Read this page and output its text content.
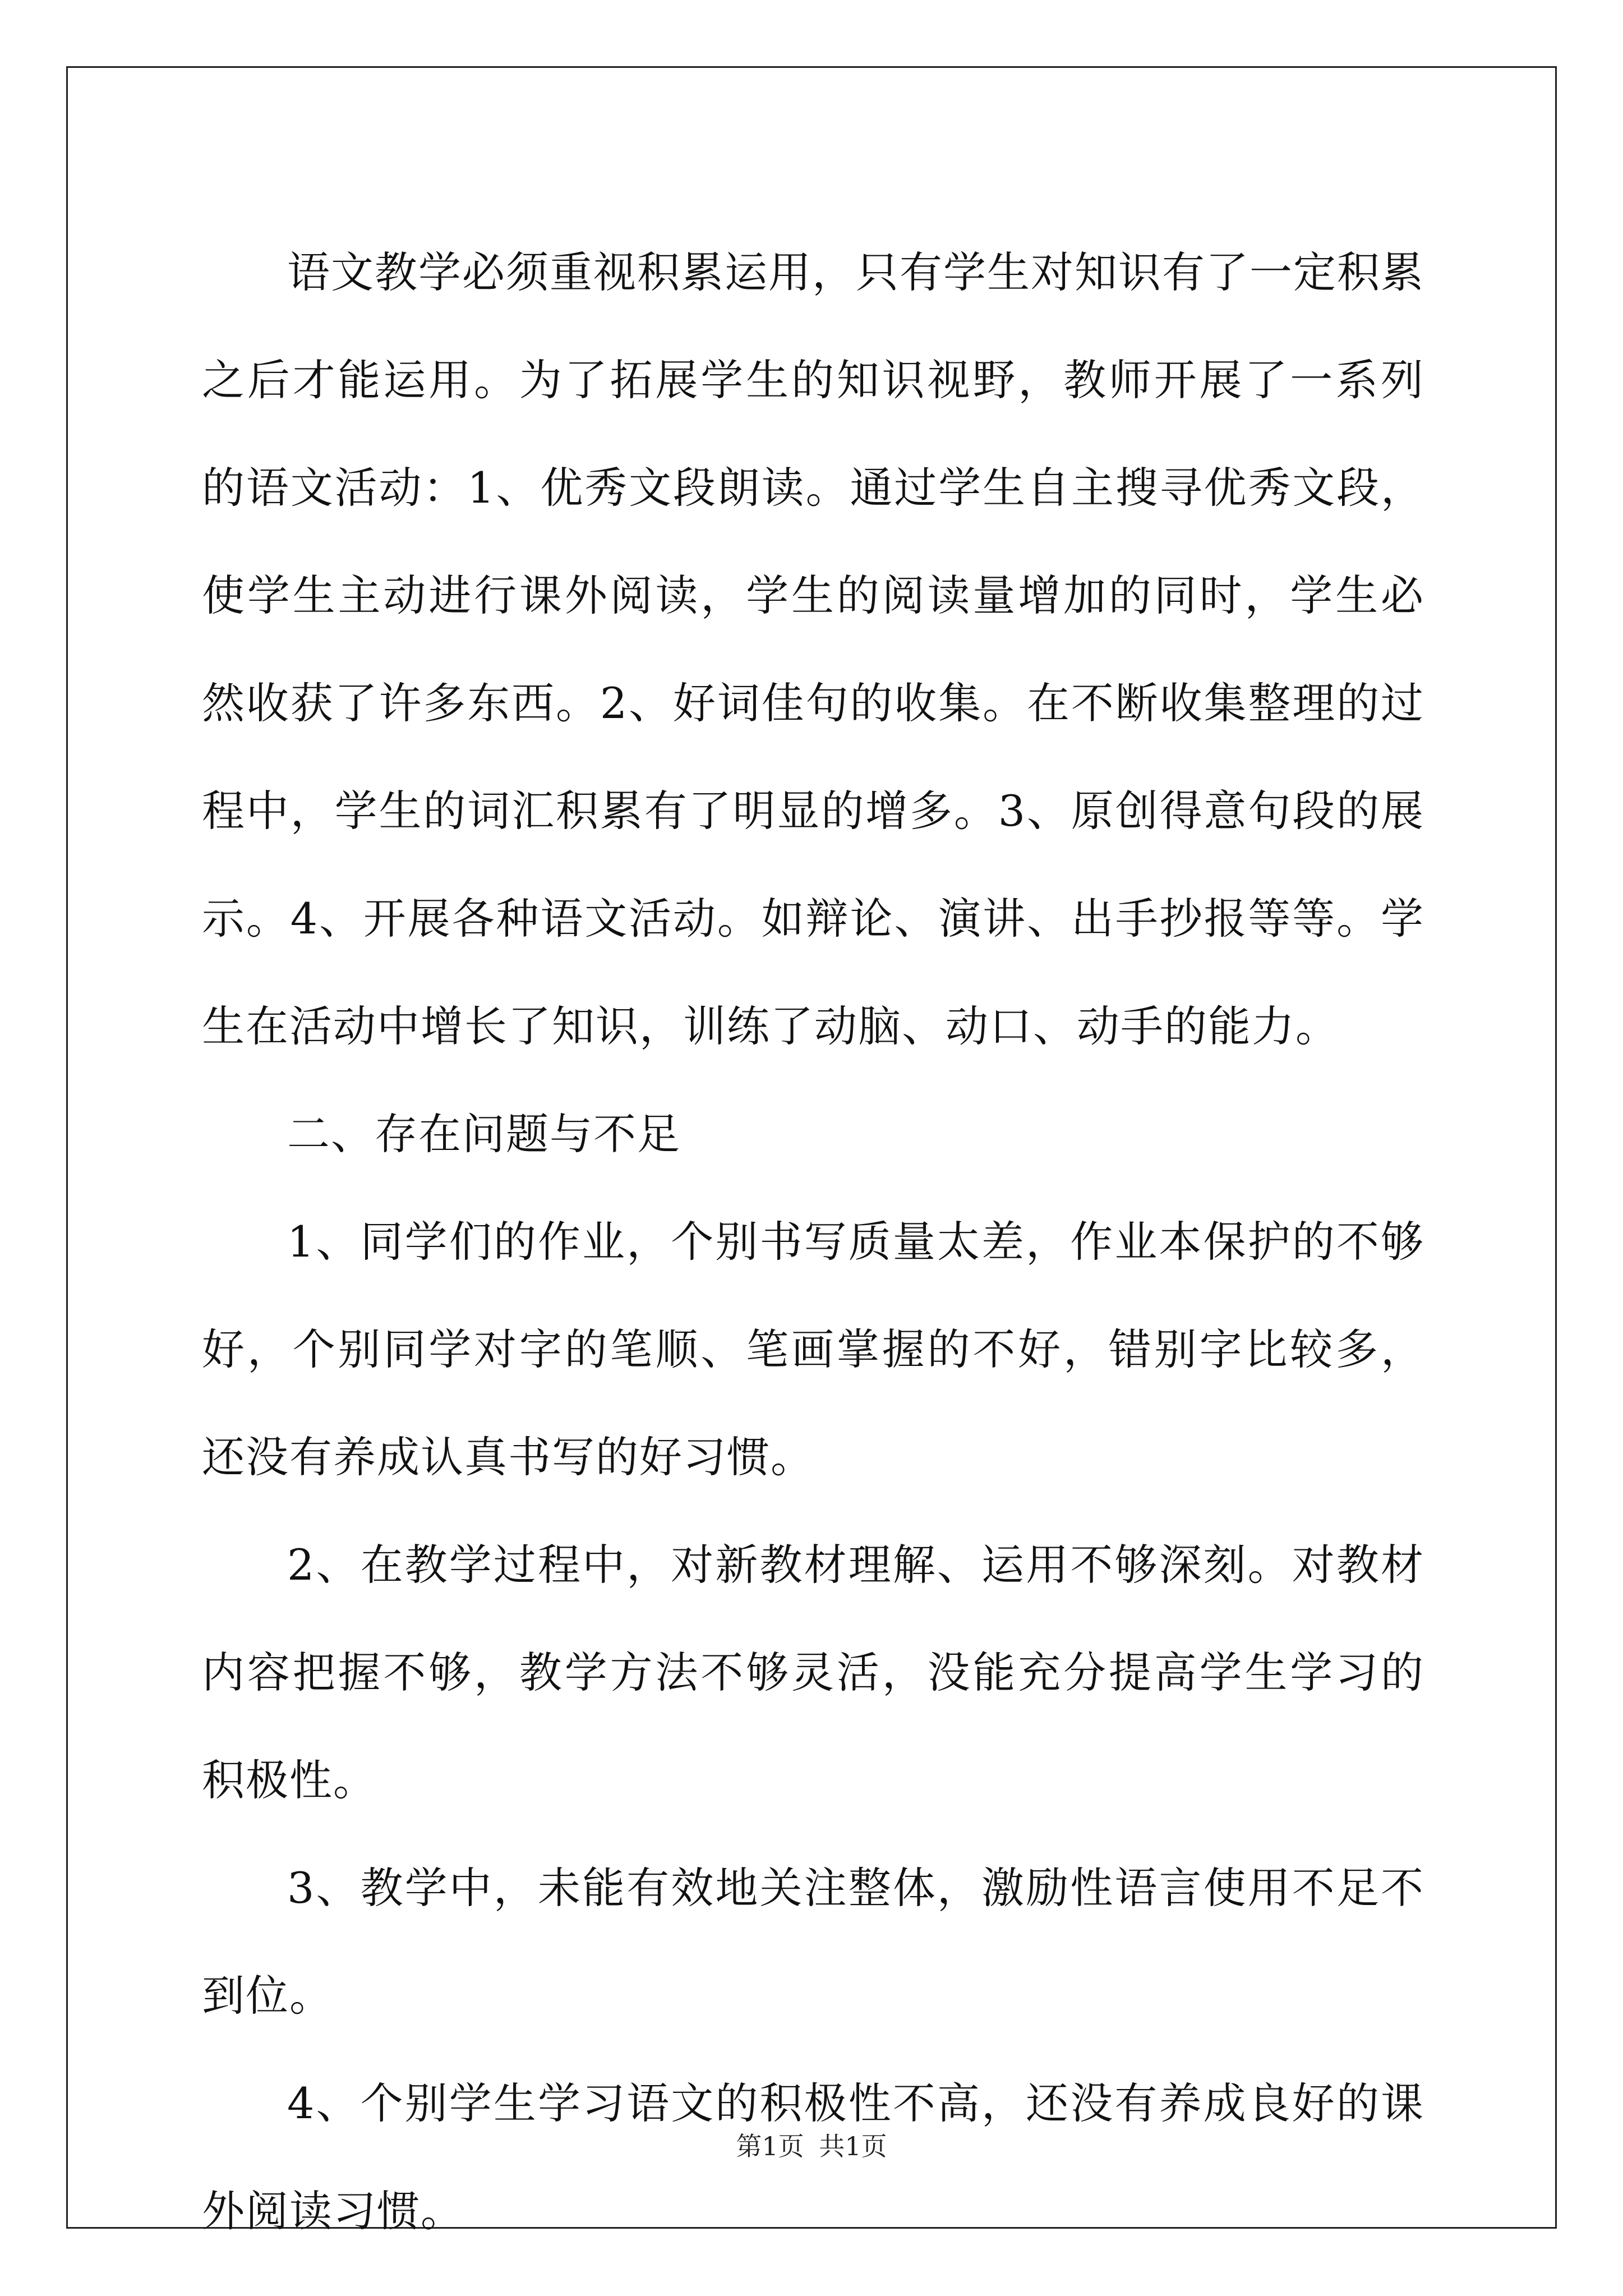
语文教学必须重视积累运用，只有学生对知识有了一定积累之后才能运用。为了拓展学生的知识视野，教师开展了一系列的语文活动：1、优秀文段朗读。通过学生自主搜寻优秀文段，使学生主动进行课外阅读，学生的阅读量增加的同时，学生必然收获了许多东西。2、好词佳句的收集。在不断收集整理的过程中，学生的词汇积累有了明显的增多。3、原创得意句段的展示。4、开展各种语文活动。如辩论、演讲、出手抄报等等。学生在活动中增长了知识，训练了动脑、动口、动手的能力。

二、存在问题与不足

1、同学们的作业，个别书写质量太差，作业本保护的不够好，个别同学对字的笔顺、笔画掌握的不好，错别字比较多，还没有养成认真书写的好习惯。

2、在教学过程中，对新教材理解、运用不够深刻。对教材内容把握不够，教学方法不够灵活，没能充分提高学生学习的积极性。

3、教学中，未能有效地关注整体，激励性语言使用不足不到位。

4、个别学生学习语文的积极性不高，还没有养成良好的课外阅读习惯。

第1页 共1页
